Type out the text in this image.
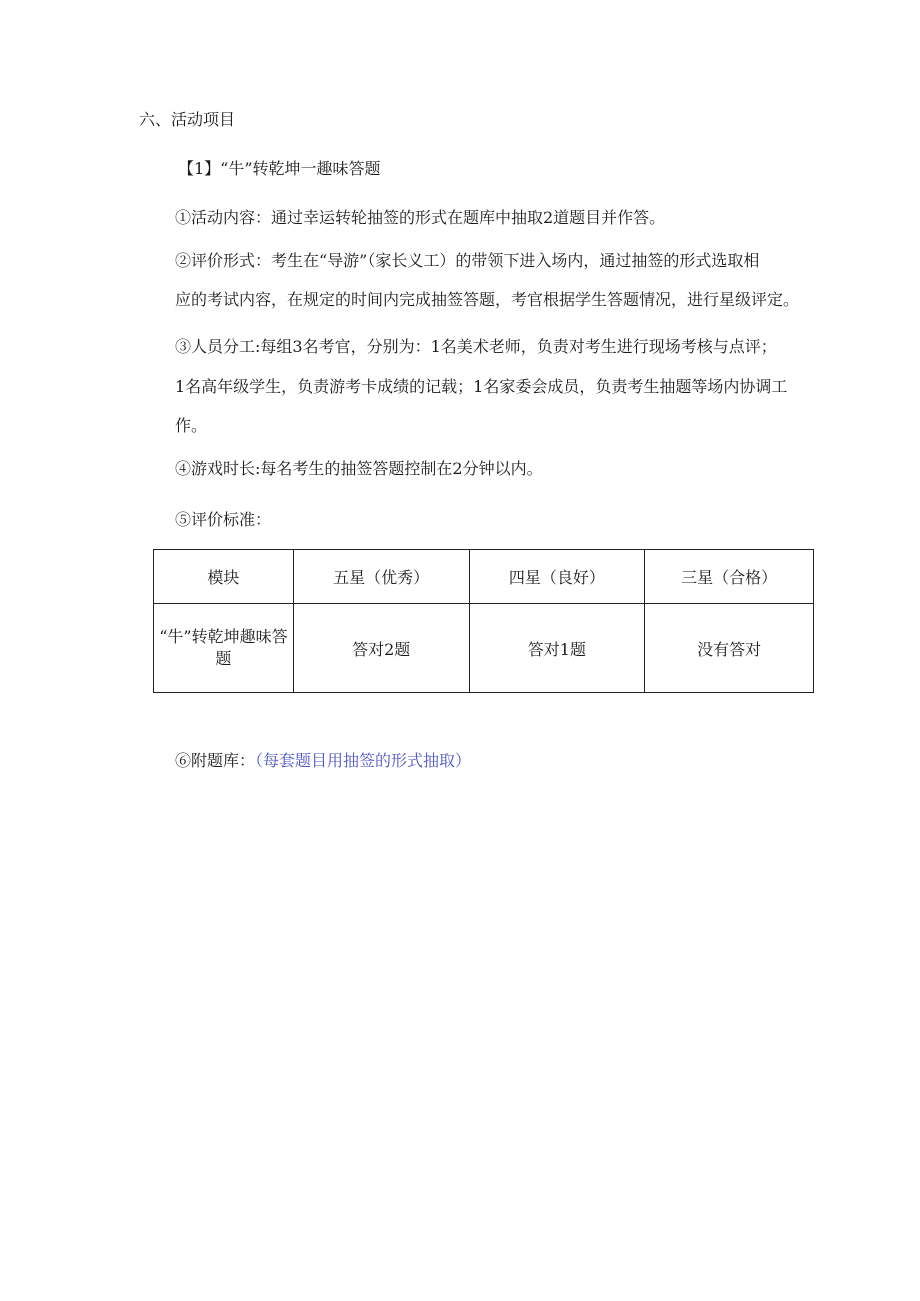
六、活动项目
【1】“牛”转乾坤一趣味答题
①活动内容：通过幸运转轮抽签的形式在题库中抽取2道题目并作答。
②评价形式：考生在“导游”（家长义工）的带领下进入场内，通过抽签的形式选取相
应的考试内容，在规定的时间内完成抽签答题，考官根据学生答题情况，进行星级评定。
③人员分工:每组3名考官，分别为：1名美术老师，负责对考生进行现场考核与点评；
1名高年级学生，负责游考卡成绩的记载；1名家委会成员，负责考生抽题等场内协调工
作。
④游戏时长:每名考生的抽签答题控制在2分钟以内。
⑤评价标准：
模块	五星（优秀）	四星（良好）	三星（合格）
“牛”转乾坤趣味答题	答对2题	答对1题	没有答对
⑥附题库：（每套题目用抽签的形式抽取）
